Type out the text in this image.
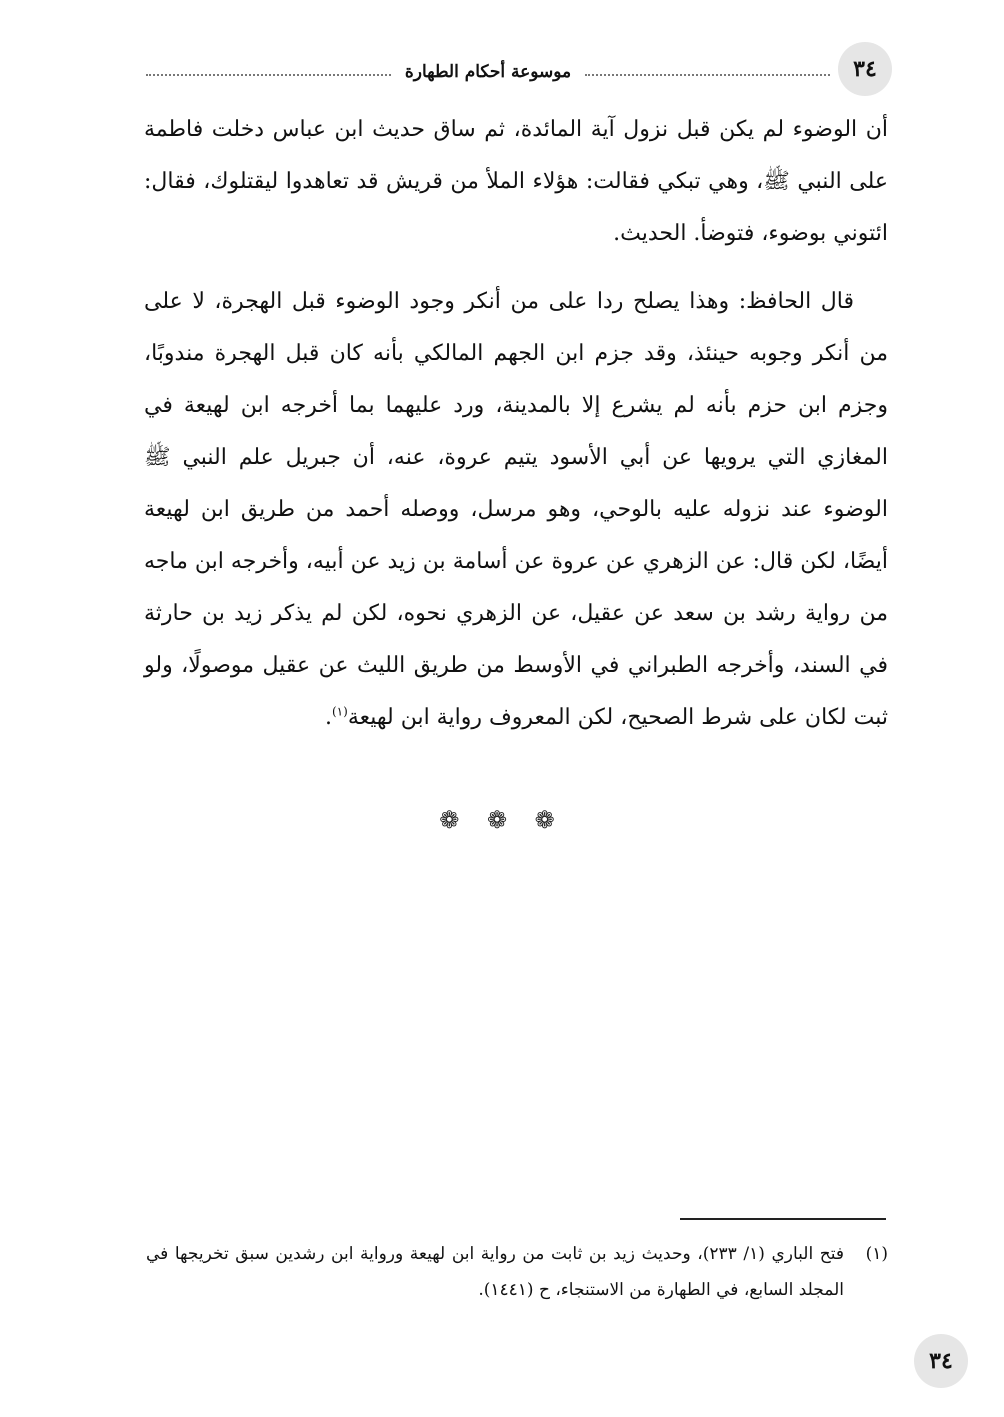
٣٤
موسوعة أحكام الطهارة

أن الوضوء لم يكن قبل نزول آية المائدة، ثم ساق حديث ابن عباس دخلت فاطمة على النبي ﷺ، وهي تبكي فقالت: هؤلاء الملأ من قريش قد تعاهدوا ليقتلوك، فقال: ائتوني بوضوء، فتوضأ. الحديث.

قال الحافظ: وهذا يصلح ردا على من أنكر وجود الوضوء قبل الهجرة، لا على من أنكر وجوبه حينئذ، وقد جزم ابن الجهم المالكي بأنه كان قبل الهجرة مندوبًا، وجزم ابن حزم بأنه لم يشرع إلا بالمدينة، ورد عليهما بما أخرجه ابن لهيعة في المغازي التي يرويها عن أبي الأسود يتيم عروة، عنه، أن جبريل علم النبي ﷺ الوضوء عند نزوله عليه بالوحي، وهو مرسل، ووصله أحمد من طريق ابن لهيعة أيضًا، لكن قال: عن الزهري عن عروة عن أسامة بن زيد عن أبيه، وأخرجه ابن ماجه من رواية رشد بن سعد عن عقيل، عن الزهري نحوه، لكن لم يذكر زيد بن حارثة في السند، وأخرجه الطبراني في الأوسط من طريق الليث عن عقيل موصولًا، ولو ثبت لكان على شرط الصحيح، لكن المعروف رواية ابن لهيعة$^{(١)}$.

❁ ❁ ❁
(١)
فتح الباري (١/ ٢٣٣)، وحديث زيد بن ثابت من رواية ابن لهيعة ورواية ابن رشدين سبق تخريجها في المجلد السابع، في الطهارة من الاستنجاء، ح (١٤٤١).
٣٤
